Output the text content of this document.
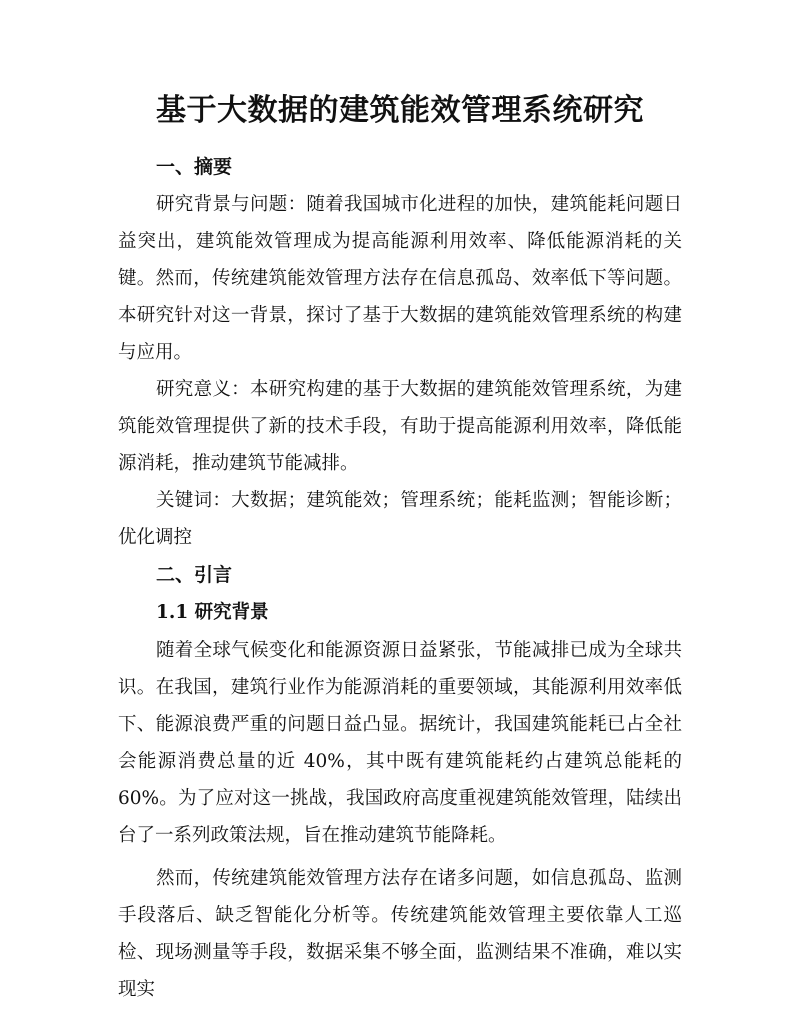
基于大数据的建筑能效管理系统研究
一、摘要

研究背景与问题：随着我国城市化进程的加快，建筑能耗问题日益突出，建筑能效管理成为提高能源利用效率、降低能源消耗的关键。然而，传统建筑能效管理方法存在信息孤岛、效率低下等问题。本研究针对这一背景，探讨了基于大数据的建筑能效管理系统的构建与应用。

研究意义：本研究构建的基于大数据的建筑能效管理系统，为建筑能效管理提供了新的技术手段，有助于提高能源利用效率，降低能源消耗，推动建筑节能减排。

关键词：大数据；建筑能效；管理系统；能耗监测；智能诊断；优化调控

二、引言
1.1 研究背景

随着全球气候变化和能源资源日益紧张，节能减排已成为全球共识。在我国，建筑行业作为能源消耗的重要领域，其能源利用效率低下、能源浪费严重的问题日益凸显。据统计，我国建筑能耗已占全社会能源消费总量的近 40%，其中既有建筑能耗约占建筑总能耗的 60%。为了应对这一挑战，我国政府高度重视建筑能效管理，陆续出台了一系列政策法规，旨在推动建筑节能降耗。

然而，传统建筑能效管理方法存在诸多问题，如信息孤岛、监测手段落后、缺乏智能化分析等。传统建筑能效管理主要依靠人工巡检、现场测量等手段，数据采集不够全面，监测结果不准确，难以实现实
